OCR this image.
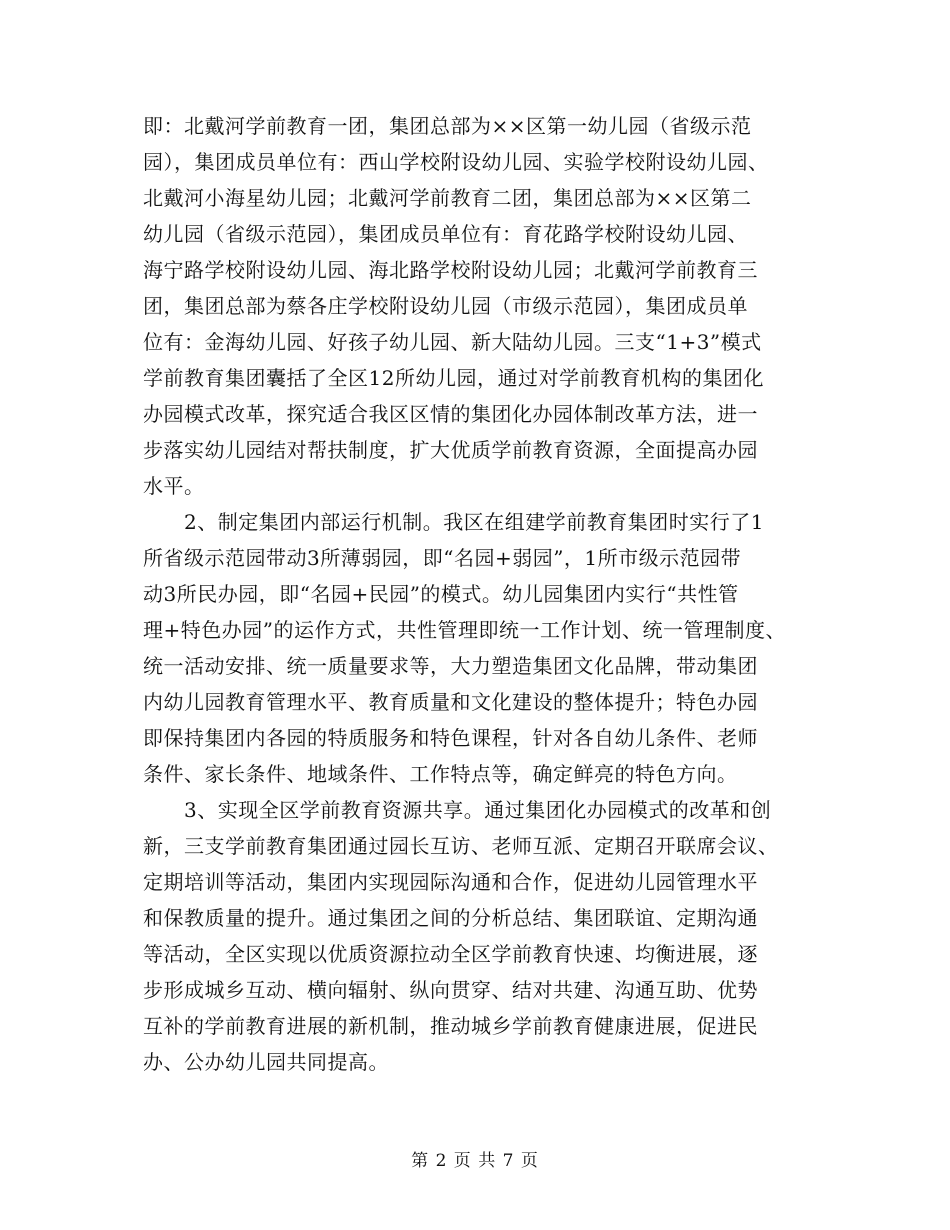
即：北戴河学前教育一团，集团总部为××区第一幼儿园（省级示范
园），集团成员单位有：西山学校附设幼儿园、实验学校附设幼儿园、
北戴河小海星幼儿园；北戴河学前教育二团，集团总部为××区第二
幼儿园（省级示范园），集团成员单位有：育花路学校附设幼儿园、
海宁路学校附设幼儿园、海北路学校附设幼儿园；北戴河学前教育三
团，集团总部为蔡各庄学校附设幼儿园（市级示范园），集团成员单
位有：金海幼儿园、好孩子幼儿园、新大陆幼儿园。三支“1+3”模式
学前教育集团囊括了全区12所幼儿园，通过对学前教育机构的集团化
办园模式改革，探究适合我区区情的集团化办园体制改革方法，进一
步落实幼儿园结对帮扶制度，扩大优质学前教育资源，全面提高办园
水平。
　　2、制定集团内部运行机制。我区在组建学前教育集团时实行了1
所省级示范园带动3所薄弱园，即“名园+弱园”，1所市级示范园带
动3所民办园，即“名园+民园”的模式。幼儿园集团内实行“共性管
理+特色办园”的运作方式，共性管理即统一工作计划、统一管理制度、
统一活动安排、统一质量要求等，大力塑造集团文化品牌，带动集团
内幼儿园教育管理水平、教育质量和文化建设的整体提升；特色办园
即保持集团内各园的特质服务和特色课程，针对各自幼儿条件、老师
条件、家长条件、地域条件、工作特点等，确定鲜亮的特色方向。
　　3、实现全区学前教育资源共享。通过集团化办园模式的改革和创
新，三支学前教育集团通过园长互访、老师互派、定期召开联席会议、
定期培训等活动，集团内实现园际沟通和合作，促进幼儿园管理水平
和保教质量的提升。通过集团之间的分析总结、集团联谊、定期沟通
等活动，全区实现以优质资源拉动全区学前教育快速、均衡进展，逐
步形成城乡互动、横向辐射、纵向贯穿、结对共建、沟通互助、优势
互补的学前教育进展的新机制，推动城乡学前教育健康进展，促进民
办、公办幼儿园共同提高。
第 2 页 共 7 页
